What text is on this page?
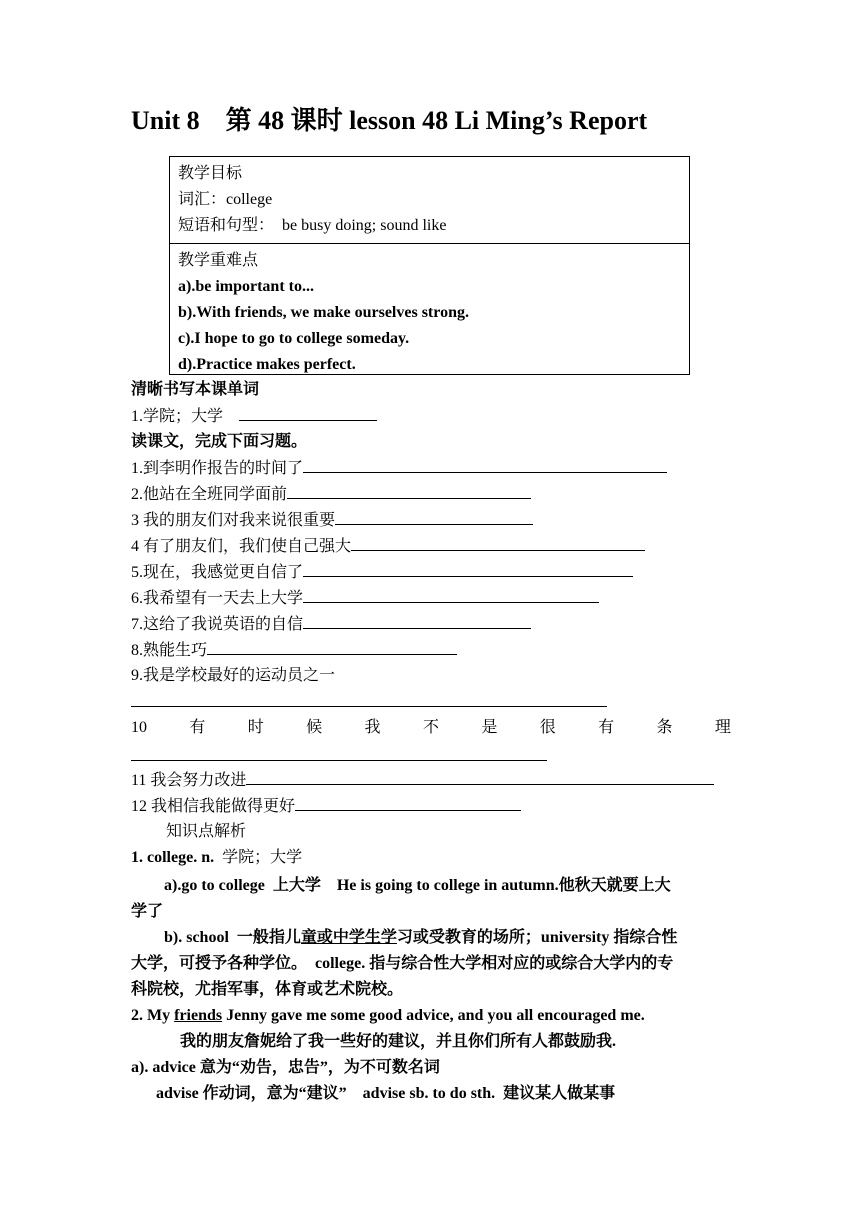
Unit 8　第 48 课时 lesson 48 Li Ming’s Report
教学目标
词汇：college
短语和句型：　be busy doing; sound like
教学重难点
a).be important to...
b).With friends, we make ourselves strong.
c).I hope to go to college someday.
d).Practice makes perfect.
清晰书写本课单词
1.学院；大学
读课文，完成下面习题。
1.到李明作报告的时间了
2.他站在全班同学面前
3 我的朋友们对我来说很重要
4 有了朋友们，我们使自己强大
5.现在，我感觉更自信了
6.我希望有一天去上大学
7.这给了我说英语的自信
8.熟能生巧
9.我是学校最好的运动员之一
10	有	时	候	我	不	是	很	有	条	理
11 我会努力改进
12 我相信我能做得更好
知识点解析
1. college. n. 学院；大学
a).go to college  上大学　He is going to college in autumn.他秋天就要上大
学了
b). school  一般指儿童或中学生学习或受教育的场所；university 指综合性
大学，可授予各种学位。  college. 指与综合性大学相对应的或综合大学内的专
科院校，尤指军事，体育或艺术院校。
2. My friends Jenny gave me some good advice, and you all encouraged me.
我的朋友詹妮给了我一些好的建议，并且你们所有人都鼓励我.
a). advice 意为“劝告，忠告”，为不可数名词
advise 作动词，意为“建议”　advise sb. to do sth.  建议某人做某事
